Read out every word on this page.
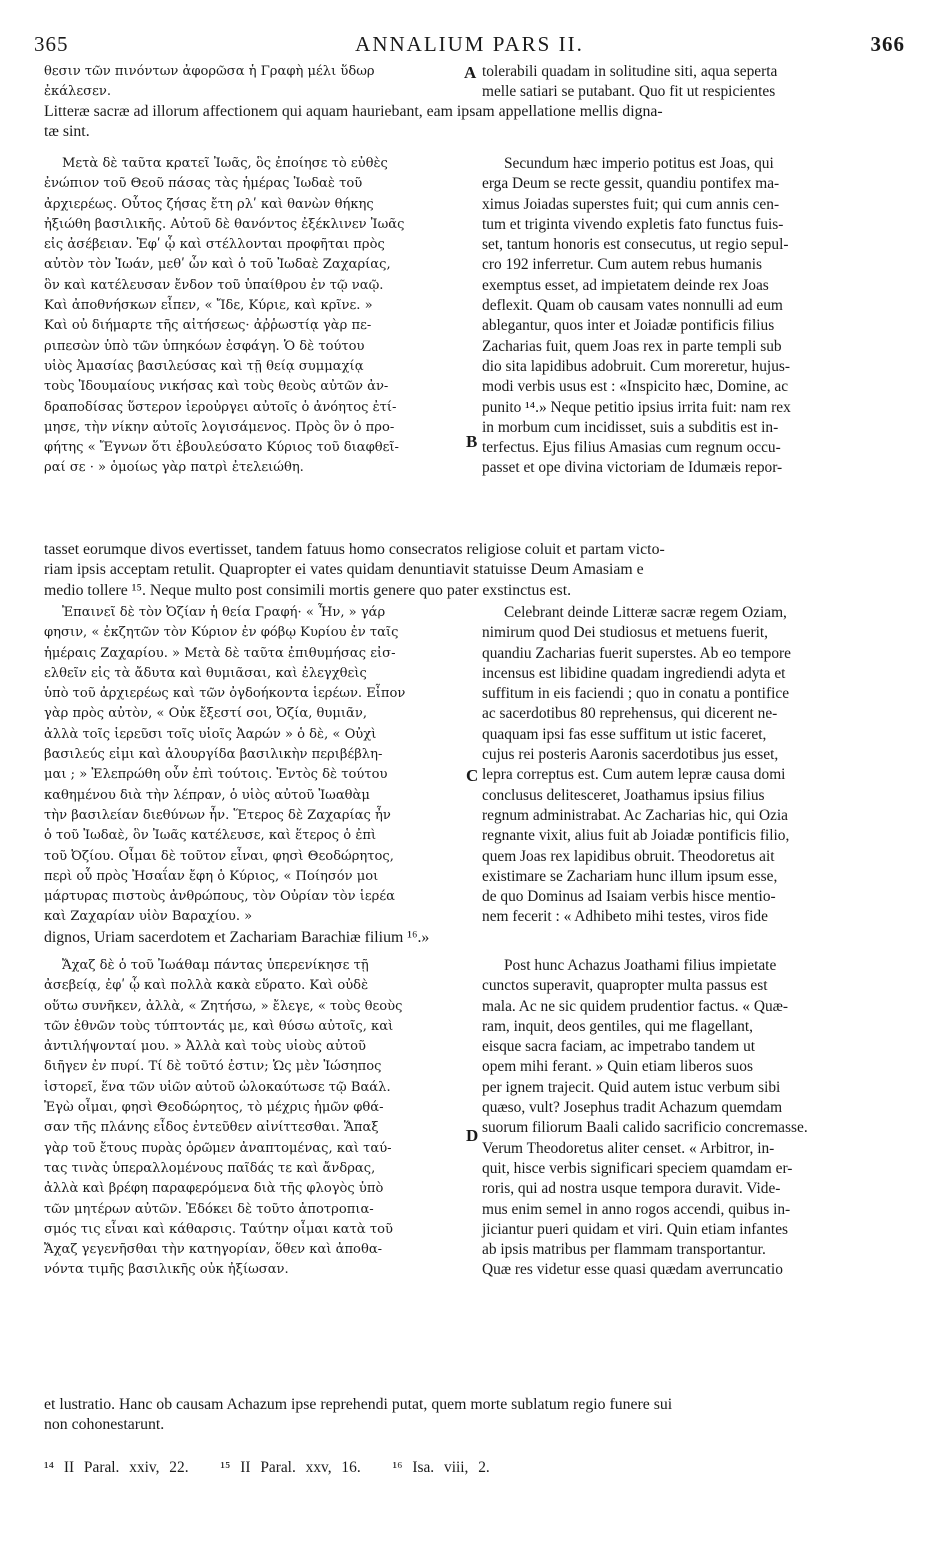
365	ANNALIUM PARS II.	366
θεσιν τῶν πινόντων ἀφορῶσα ἡ Γραφὴ μέλι ὕδωρ
ἐκάλεσεν.
A tolerabili quadam in solitudine siti, aqua seperta
melle satiari se putabant. Quo fit ut respicientes
Litteræ sacræ ad illorum affectionem qui aquam hauriebant, eam ipsam appellatione mellis digna-
tæ sint.
Μετὰ δὲ ταῦτα κρατεῖ Ἰωᾶς, ὃς ἐποίησε τὸ εὐθὲς
ἐνώπιον τοῦ Θεοῦ πάσας τὰς ἡμέρας Ἰωδαὲ τοῦ
ἀρχιερέως. Οὗτος ζήσας ἔτη ρλʹ καὶ θανὼν θήκης
ἠξιώθη βασιλικῆς. Αὐτοῦ δὲ θανόντος ἐξέκλινεν Ἰωᾶς
εἰς ἀσέβειαν. Ἐφʹ ᾧ καὶ στέλλονται προφῆται πρὸς
αὐτὸν τὸν Ἰωάν, μεθʹ ὧν καὶ ὁ τοῦ Ἰωδαὲ Ζαχαρίας,
ὃν καὶ κατέλευσαν ἔνδον τοῦ ὑπαίθρου ἐν τῷ ναῷ.
Καὶ ἀποθνήσκων εἶπεν, « Ἴδε, Κύριε, καὶ κρῖνε. »
Καὶ οὐ διήμαρτε τῆς αἰτήσεως· ἀῤῥωστίᾳ γὰρ πε-
ριπεσὼν ὑπὸ τῶν ὑπηκόων ἐσφάγη. Ὁ δὲ τούτου
υἱὸς Ἀμασίας βασιλεύσας καὶ τῇ θείᾳ συμμαχίᾳ
τοὺς Ἰδουμαίους νικήσας καὶ τοὺς θεοὺς αὐτῶν ἀν-
δραποδίσας ὕστερον ἱεροὐργει αὐτοῖς ὁ ἀνόητος ἐτί-
μησε, τὴν νίκην αὐτοῖς λογισάμενος. Πρὸς ὃν ὁ προ-
φήτης « Ἔγνων ὅτι ἐβουλεύσατο Κύριος τοῦ διαφθεῖ-
ραί σε · » ὁμοίως γὰρ πατρὶ ἐτελειώθη.
Secundum hæc imperio potitus est Joas, qui
erga Deum se recte gessit, quandiu pontifex ma-
ximus Joiadas superstes fuit; qui cum annis cen-
tum et triginta vivendo expletis fato functus fuis-
set, tantum honoris est consecutus, ut regio sepul-
cro 192 inferretur. Cum autem rebus humanis
exemptus esset, ad impietatem deinde rex Joas
deflexit. Quam ob causam vates nonnulli ad eum
ablegantur, quos inter et Joiadæ pontificis filius
Zacharias fuit, quem Joas rex in parte templi sub
dio sita lapidibus adobruit. Cum moreretur, hujus-
modi verbis usus est : «Inspicito hæc, Domine, ac
punito ¹⁴.» Neque petitio ipsius irrita fuit: nam rex
in morbum cum incidisset, suis a subditis est in-
terfectus. Ejus filius Amasias cum regnum occu-
passet et ope divina victoriam de Idumæis repor-
B
tasset eorumque divos evertisset, tandem fatuus homo consecratos religiose coluit et partam victo-
riam ipsis acceptam retulit. Quapropter ei vates quidam denuntiavit statuisse Deum Amasiam e
medio tollere ¹⁵. Neque multo post consimili mortis genere quo pater exstinctus est.
Ἐπαινεῖ δὲ τὸν Ὀζίαν ἡ θεία Γραφή· « Ἦν, » γάρ
φησιν, « ἐκζητῶν τὸν Κύριον ἐν φόβῳ Κυρίου ἐν ταῖς
ἡμέραις Ζαχαρίου. » Μετὰ δὲ ταῦτα ἐπιθυμήσας εἰσ-
ελθεῖν εἰς τὰ ἄδυτα καὶ θυμιᾶσαι, καὶ ἐλεγχθεὶς
ὑπὸ τοῦ ἀρχιερέως καὶ τῶν ὀγδοήκοντα ἱερέων. Εἶπον
γὰρ πρὸς αὐτὸν, « Οὐκ ἔξεστί σοι, Ὀζία, θυμιᾶν,
ἀλλὰ τοῖς ἱερεῦσι τοῖς υἱοῖς Ἀαρών » ὁ δὲ, « Οὐχὶ
βασιλεύς εἰμι καὶ ἁλουργίδα βασιλικὴν περιβέβλη-
μαι ; » Ἐλεπρώθη οὖν ἐπὶ τούτοις. Ἐντὸς δὲ τούτου
καθημένου διὰ τὴν λέπραν, ὁ υἱὸς αὐτοῦ Ἰωαθὰμ
τὴν βασιλείαν διεθύνων ἦν. Ἕτερος δὲ Ζαχαρίας ἦν
ὁ τοῦ Ἰωδαὲ, ὃν Ἰωᾶς κατέλευσε, καὶ ἕτερος ὁ ἐπὶ
τοῦ Ὀζίου. Οἶμαι δὲ τοῦτον εἶναι, φησὶ Θεοδώρητος,
περὶ οὗ πρὸς Ἠσαΐαν ἔφη ὁ Κύριος, « Ποίησόν μοι
μάρτυρας πιστοὺς ἀνθρώπους, τὸν Οὐρίαν τὸν ἱερέα
καὶ Ζαχαρίαν υἱὸν Βαραχίου. »
Celebrant deinde Litteræ sacræ regem Oziam,
nimirum quod Dei studiosus et metuens fuerit,
quandiu Zacharias fuerit superstes. Ab eo tempore
incensus est libidine quadam ingrediendi adyta et
suffitum in eis faciendi ; quo in conatu a pontifice
ac sacerdotibus 80 reprehensus, qui dicerent ne-
quaquam ipsi fas esse suffitum ut istic faceret,
cujus rei posteris Aaronis sacerdotibus jus esset,
lepra correptus est. Cum autem lepræ causa domi
conclusus delitesceret, Joathamus ipsius filius
regnum administrabat. Ac Zacharias hic, qui Ozia
regnante vixit, alius fuit ab Joiadæ pontificis filio,
quem Joas rex lapidibus obruit. Theodoretus ait
existimare se Zachariam hunc illum ipsum esse,
de quo Dominus ad Isaiam verbis hisce mentio-
nem fecerit : « Adhibeto mihi testes, viros fide
C
dignos, Uriam sacerdotem et Zachariam Barachiæ filium ¹⁶.»
Ἄχαζ δὲ ὁ τοῦ Ἰωάθαμ πάντας ὑπερενίκησε τῇ
ἀσεβείᾳ, ἐφʹ ᾧ καὶ πολλὰ κακὰ εὕρατο. Καὶ οὐδὲ
οὕτω συνῆκεν, ἀλλὰ, « Ζητήσω, » ἔλεγε, « τοὺς θεοὺς
τῶν ἐθνῶν τοὺς τύπτοντάς με, καὶ θύσω αὐτοῖς, καὶ
ἀντιλήψονταί μου. » Ἀλλὰ καὶ τοὺς υἱοὺς αὐτοῦ
διῆγεν ἐν πυρί. Τί δὲ τοῦτό ἐστιν; Ὡς μὲν Ἰώσηπος
ἱστορεῖ, ἕνα τῶν υἱῶν αὐτοῦ ὡλοκαύτωσε τῷ Βαάλ.
Ἐγὼ οἶμαι, φησὶ Θεοδώρητος, τὸ μέχρις ἡμῶν φθά-
σαν τῆς πλάνης εἶδος ἐντεῦθεν αἰνίττεσθαι. Ἅπαξ
γὰρ τοῦ ἔτους πυρὰς ὁρῶμεν ἀναπτομένας, καὶ ταύ-
τας τινὰς ὑπεραλλομένους παῖδάς τε καὶ ἄνδρας,
ἀλλὰ καὶ βρέφη παραφερόμενα διὰ τῆς φλογὸς ὑπὸ
τῶν μητέρων αὐτῶν. Ἐδόκει δὲ τοῦτο ἀποτροπια-
σμός τις εἶναι καὶ κάθαρσις. Ταύτην οἶμαι κατὰ τοῦ
Ἄχαζ γεγενῆσθαι τὴν κατηγορίαν, ὅθεν καὶ ἀποθα-
νόντα τιμῆς βασιλικῆς οὐκ ἠξίωσαν.
Post hunc Achazus Joathami filius impietate
cunctos superavit, quapropter multa passus est
mala. Ac ne sic quidem prudentior factus. « Quæ-
ram, inquit, deos gentiles, qui me flagellant,
eisque sacra faciam, ac impetrabo tandem ut
opem mihi ferant. » Quin etiam liberos suos
per ignem trajecit. Quid autem istuc verbum sibi
quæso, vult? Josephus tradit Achazum quemdam
suorum filiorum Baali calido sacrificio concremasse.
Verum Theodoretus aliter censet. « Arbitror, in-
quit, hisce verbis significari speciem quamdam er-
roris, qui ad nostra usque tempora duravit. Vide-
mus enim semel in anno rogos accendi, quibus in-
jiciantur pueri quidam et viri. Quin etiam infantes
ab ipsis matribus per flammam transportantur.
Quæ res videtur esse quasi quædam averruncatio
D
et lustratio. Hanc ob causam Achazum ipse reprehendi putat, quem morte sublatum regio funere sui
non cohonestarunt.
¹⁴ II Paral. xxiv, 22. ¹⁵ II Paral. xxv, 16. ¹⁶ Isa. viii, 2.
